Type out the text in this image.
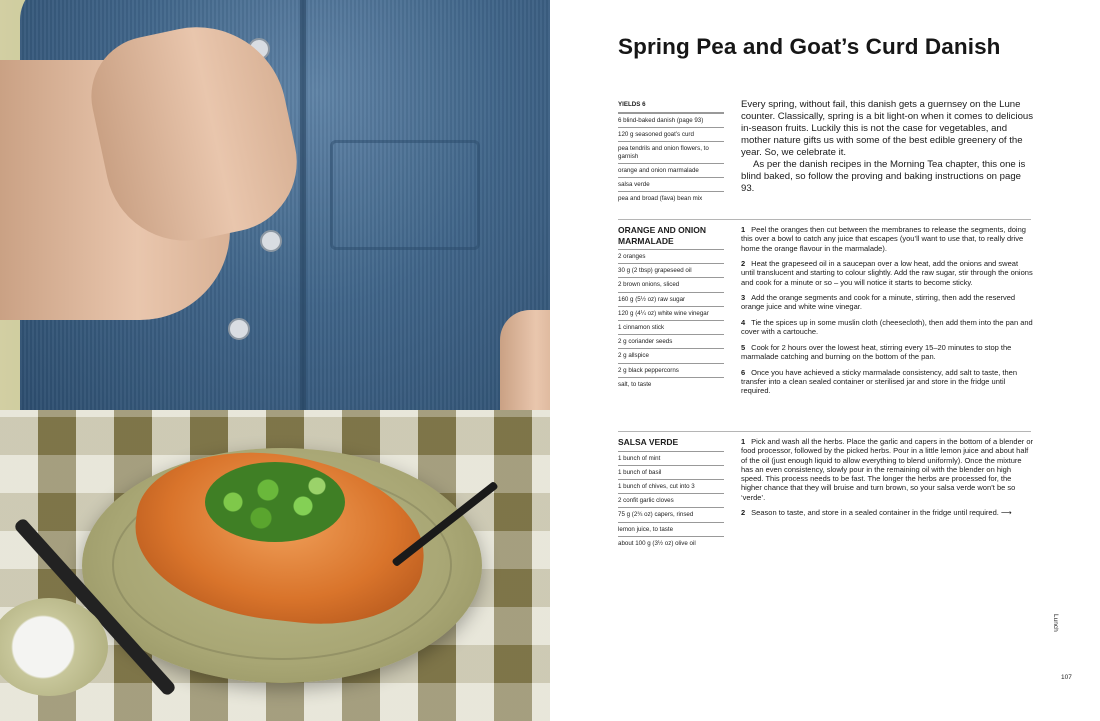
Spring Pea and Goat’s Curd Danish
YIELDS 6
6 blind-baked danish (page 93)
120 g seasoned goat’s curd
pea tendrils and onion flowers, to garnish
orange and onion marmalade
salsa verde
pea and broad (fava) bean mix

Every spring, without fail, this danish gets a guernsey on the Lune counter. Classically, spring is a bit light-on when it comes to delicious in-season fruits. Luckily this is not the case for vegetables, and mother nature gifts us with some of the best edible greenery of the year. So, we celebrate it.

As per the danish recipes in the Morning Tea chapter, this one is blind baked, so follow the proving and baking instructions on page 93.

ORANGE AND ONION MARMALADE
2 oranges
30 g (2 tbsp) grapeseed oil
2 brown onions, sliced
160 g (5½ oz) raw sugar
120 g (4¼ oz) white wine vinegar
1 cinnamon stick
2 g coriander seeds
2 g allspice
2 g black peppercorns
salt, to taste
1 Peel the oranges then cut between the membranes to release the segments, doing this over a bowl to catch any juice that escapes (you’ll want to use that, to really drive home the orange flavour in the marmalade).
2 Heat the grapeseed oil in a saucepan over a low heat, add the onions and sweat until translucent and starting to colour slightly. Add the raw sugar, stir through the onions and cook for a minute or so – you will notice it starts to become sticky.
3 Add the orange segments and cook for a minute, stirring, then add the reserved orange juice and white wine vinegar.
4 Tie the spices up in some muslin cloth (cheesecloth), then add them into the pan and cover with a cartouche.
5 Cook for 2 hours over the lowest heat, stirring every 15–20 minutes to stop the marmalade catching and burning on the bottom of the pan.
6 Once you have achieved a sticky marmalade consistency, add salt to taste, then transfer into a clean sealed container or sterilised jar and store in the fridge until required.
SALSA VERDE
1 bunch of mint
1 bunch of basil
1 bunch of chives, cut into 3
2 confit garlic cloves
75 g (2¾ oz) capers, rinsed
lemon juice, to taste
about 100 g (3½ oz) olive oil
1 Pick and wash all the herbs. Place the garlic and capers in the bottom of a blender or food processor, followed by the picked herbs. Pour in a little lemon juice and about half of the oil (just enough liquid to allow everything to blend uniformly). Once the mixture has an even consistency, slowly pour in the remaining oil with the blender on high speed. This process needs to be fast. The longer the herbs are processed for, the higher chance that they will bruise and turn brown, so your salsa verde won’t be so ‘verde’.
2 Season to taste, and store in a sealed container in the fridge until required. ⟶
Lunch
107
